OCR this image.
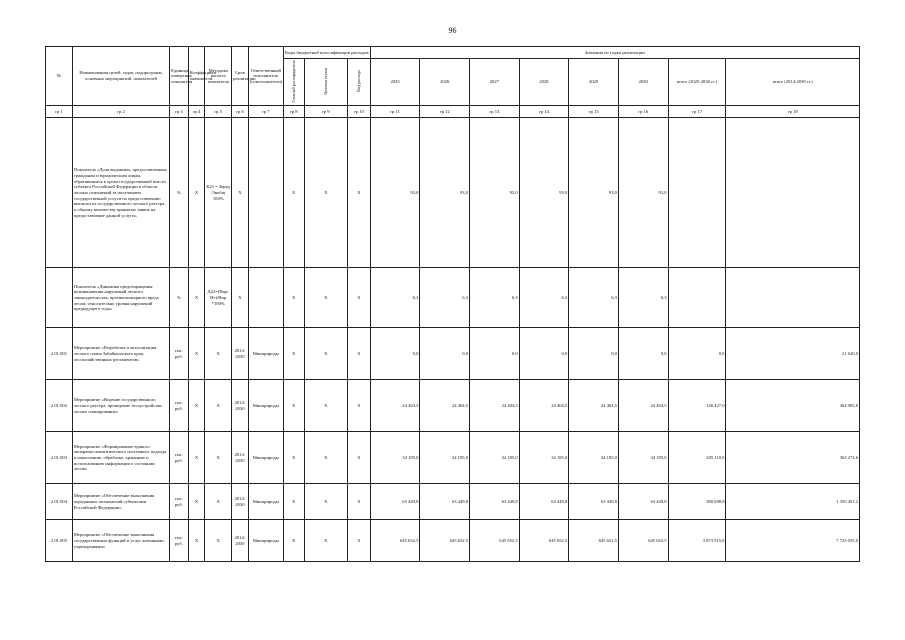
96
№	Наименования целей, задач, подпрограмм, основных мероприятий, показателей	Единица измерения показателя	Коэффициент значимости	Методика расчета показателя	Срок реализации	Ответственный исполнитель (соисполнители)	Коды бюджетной классификации расходов			Значения по годам реализации							
							Главный распорядитель	Целевая статья	Вид расхода	2025	2026	2027	2028	2029	2030	всего (2025-2030 гг.)	всего (2014-2030 гг.)
гр 1	гр 2	гр 3	гр 4	гр 5	гр 6	гр 7	гр 8	гр 9	гр 10	гр 11	гр 12	гр 13	гр 14	гр 15	гр 16	гр 17	гр 18
	Показатель «Доля выданных, предоставленных гражданам и юридическим лицам, обратившимся в орган государственной власти субъекта Российской Федерации в области лесных отношений за получением государственной услуги по предоставлению выписки из государственного лесного реестра, к общему количеству принятых заявок на предоставление данной услуги»	%	X	К21 = Звред /Звобщ 100%	X		X	X	X	93,0	93,0	93,0	93,0	93,0	93,0		
	Показатель «Динамика предотвращения возникновения нарушений лесного законодательства, противопожарного вреда лесам, относительно уровня нарушений предыдущего года»	%	X	Д22=(Нпр-Нт)/Нпр *100%	X		X	X	X	6,3	6,3	6,3	6,3	6,3	6,3		
2.01.001	Мероприятие «Разработка и актуализация лесного плана Забайкальского края, лесохозяйственных регламентов»	тыс. руб.	X	X	2014-2030	Минприроды	X	X	X	0,0	0,0	0,0	0,0	0,0	0,0	0,0	21 620,0
2.01.002	Мероприятие «Ведение государственного лесного реестра, проведение лесоустройства, лесное планирование»	тыс. руб.	X	X	2014-2030	Минприроды	X	X	X	24 404,5	24 404,5	24 404,5	24 404,5	24 404,5	24 404,5	146 427,0	364 985,8
2.01.003	Мероприятие «Формирование единого аппаратно-аналитического системного подхода к накоплению, обработке, хранению и использованию информации о состоянии лесов»	тыс. руб.	X	X	2014-2030	Минприроды	X	X	X	34 185,0	34 185,0	34 185,0	34 185,0	34 185,0	34 185,0	205 110,0	363 272,6
2.01.004	Мероприятие «Обеспечение выполнения переданных полномочий субъектами Российской Федерации»	тыс. руб.	X	X	2014-2030	Минприроды	X	X	X	63 449,8	63 449,8	63 449,8	63 449,8	63 449,8	63 449,8	380 698,8	1 350 401,2
2.01.005	Мероприятие «Обеспечение выполнения государственных функций и услуг казенными учреждениями»	тыс. руб.	X	X	2014-2030	Минприроды	X	X	X	645 652,5	645 652,5	645 652,5	645 652,5	645 652,5	645 652,5	3 873 915,0	7 725 055,0
